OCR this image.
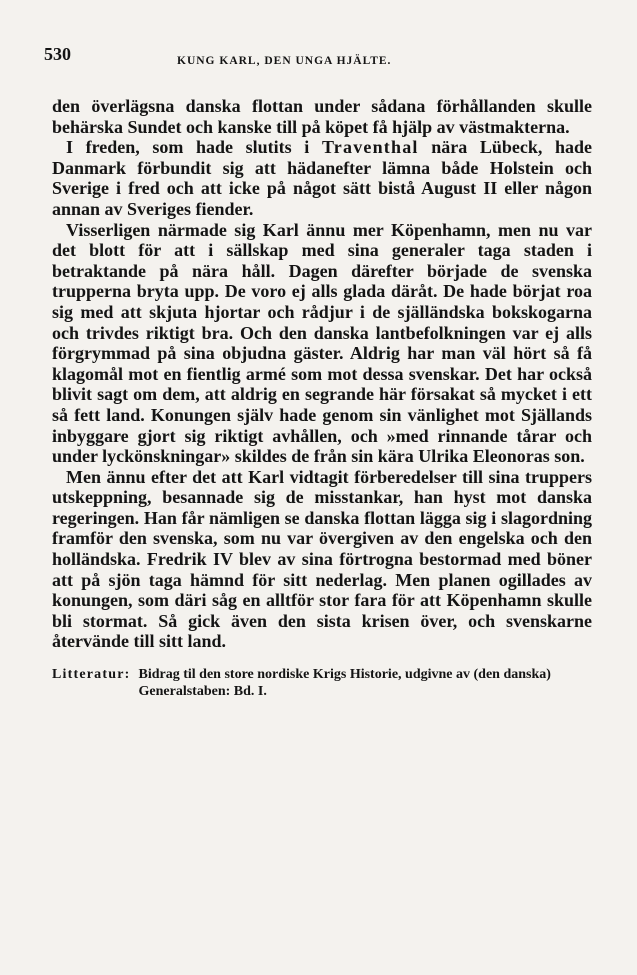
530	KUNG KARL, DEN UNGA HJÄLTE.

den överlägsna danska flottan under sådana förhållanden skulle behärska Sundet och kanske till på köpet få hjälp av västmakterna.

I freden, som hade slutits i Traventhal nära Lübeck, hade Danmark förbundit sig att hädanefter lämna både Holstein och Sverige i fred och att icke på något sätt bistå August II eller någon annan av Sveriges fiender.

Visserligen närmade sig Karl ännu mer Köpenhamn, men nu var det blott för att i sällskap med sina generaler taga staden i betraktande på nära håll. Dagen därefter började de svenska trupperna bryta upp. De voro ej alls glada däråt. De hade börjat roa sig med att skjuta hjortar och rådjur i de själländska bokskogarna och trivdes riktigt bra. Och den danska lantbefolkningen var ej alls förgrymmad på sina objudna gäster. Aldrig har man väl hört så få klagomål mot en fientlig armé som mot dessa svenskar. Det har också blivit sagt om dem, att aldrig en segrande här försakat så mycket i ett så fett land. Konungen själv hade genom sin vänlighet mot Själlands inbyggare gjort sig riktigt avhållen, och »med rinnande tårar och under lyckönskningar» skildes de från sin kära Ulrika Eleonoras son.

Men ännu efter det att Karl vidtagit förberedelser till sina truppers utskeppning, besannade sig de misstankar, han hyst mot danska regeringen. Han får nämligen se danska flottan lägga sig i slagordning framför den svenska, som nu var övergiven av den engelska och den holländska. Fredrik IV blev av sina förtrogna bestormad med böner att på sjön taga hämnd för sitt nederlag. Men planen ogillades av konungen, som däri såg en alltför stor fara för att Köpenhamn skulle bli stormat. Så gick även den sista krisen över, och svenskarne återvände till sitt land.

Litteratur: Bidrag til den store nordiske Krigs Historie, udgivne av (den danska) Generalstaben: Bd. I.
